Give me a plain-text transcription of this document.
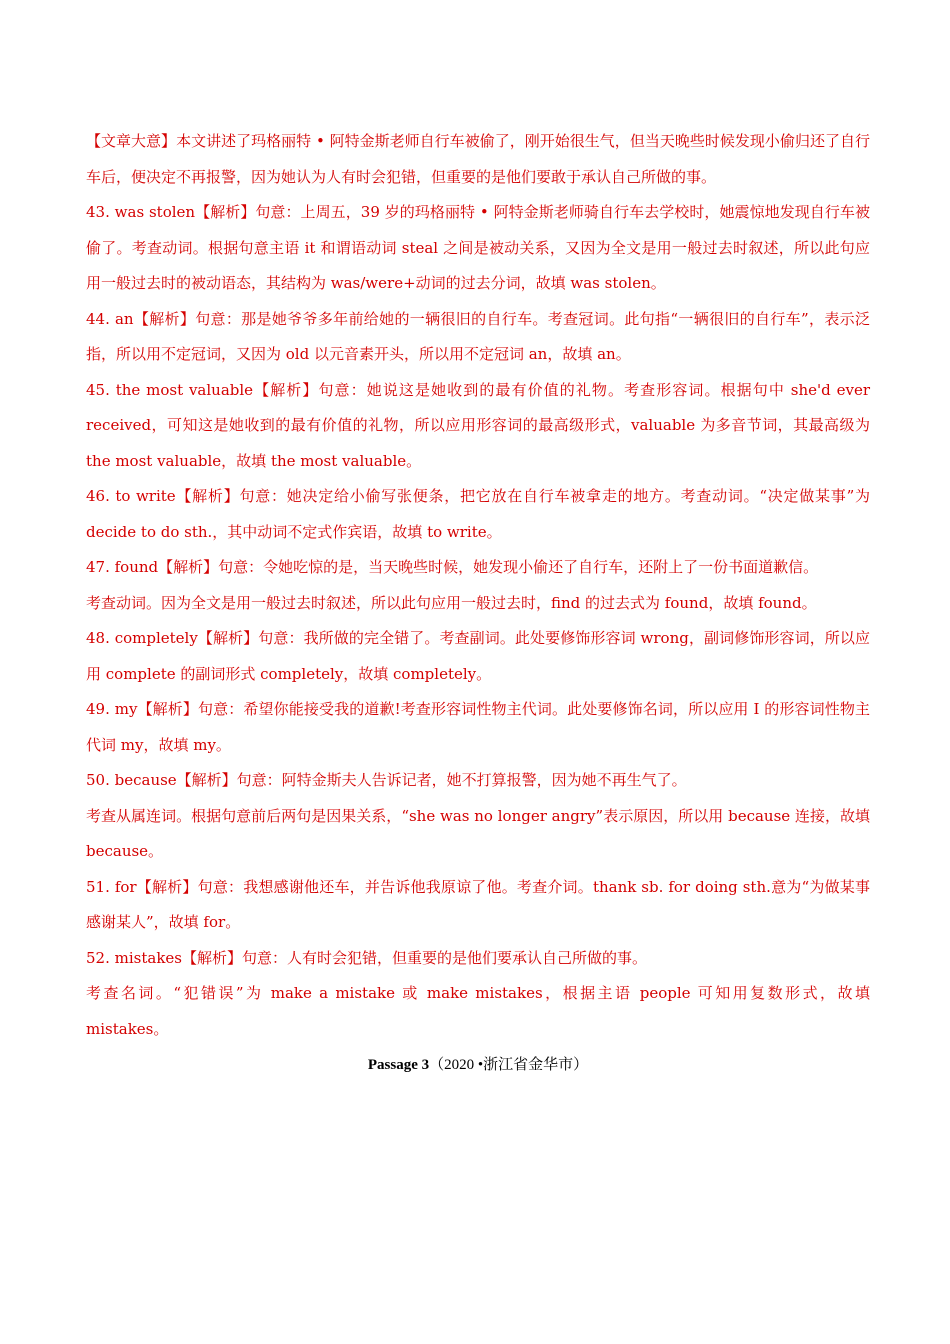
【文章大意】本文讲述了玛格丽特 • 阿特金斯老师自行车被偷了，刚开始很生气，但当天晚些时候发现小偷归还了自行车后，便决定不再报警，因为她认为人有时会犯错，但重要的是他们要敢于承认自己所做的事。

43. was stolen【解析】句意：上周五，39 岁的玛格丽特 • 阿特金斯老师骑自行车去学校时，她震惊地发现自行车被偷了。考查动词。根据句意主语 it 和谓语动词 steal 之间是被动关系，又因为全文是用一般过去时叙述，所以此句应用一般过去时的被动语态，其结构为 was/were+动词的过去分词，故填 was stolen。

44. an【解析】句意：那是她爷爷多年前给她的一辆很旧的自行车。考查冠词。此句指“一辆很旧的自行车”，表示泛指，所以用不定冠词，又因为 old 以元音素开头，所以用不定冠词 an，故填 an。

45. the most valuable【解析】句意：她说这是她收到的最有价值的礼物。考查形容词。根据句中 she'd ever received，可知这是她收到的最有价值的礼物，所以应用形容词的最高级形式，valuable 为多音节词，其最高级为 the most valuable，故填 the most valuable。

46. to write【解析】句意：她决定给小偷写张便条，把它放在自行车被拿走的地方。考查动词。“决定做某事”为 decide to do sth.，其中动词不定式作宾语，故填 to write。

47. found【解析】句意：令她吃惊的是，当天晚些时候，她发现小偷还了自行车，还附上了一份书面道歉信。

考查动词。因为全文是用一般过去时叙述，所以此句应用一般过去时，find 的过去式为 found，故填 found。

48. completely【解析】句意：我所做的完全错了。考查副词。此处要修饰形容词 wrong，副词修饰形容词，所以应用 complete 的副词形式 completely，故填 completely。

49. my【解析】句意：希望你能接受我的道歉!考查形容词性物主代词。此处要修饰名词，所以应用 I 的形容词性物主代词 my，故填 my。

50. because【解析】句意：阿特金斯夫人告诉记者，她不打算报警，因为她不再生气了。

考查从属连词。根据句意前后两句是因果关系，“she was no longer angry”表示原因，所以用 because 连接，故填 because。

51. for【解析】句意：我想感谢他还车，并告诉他我原谅了他。考查介词。thank sb. for doing sth.意为“为做某事感谢某人”，故填 for。

52. mistakes【解析】句意：人有时会犯错，但重要的是他们要承认自己所做的事。

考查名词。“犯错误”为 make a mistake 或 make mistakes，根据主语 people 可知用复数形式，故填 mistakes。

Passage 3（2020 •浙江省金华市）
